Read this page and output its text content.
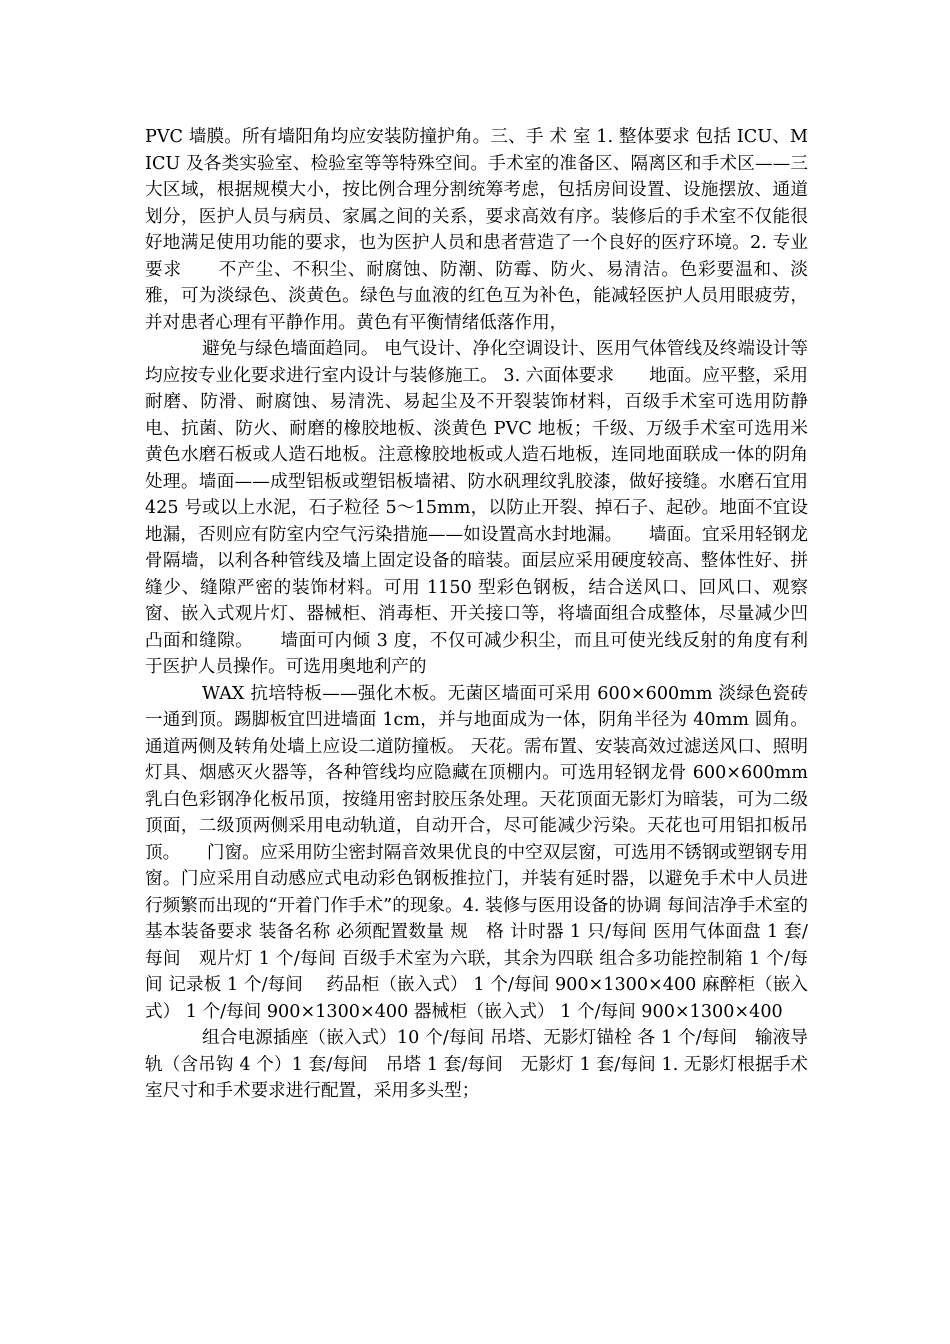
PVC 墙膜。所有墙阳角均应安装防撞护角。三、手 术 室 1. 整体要求 包括 ICU、MICU 及各类实验室、检验室等等特殊空间。手术室的准备区、隔离区和手术区——三大区域，根据规模大小，按比例合理分割统筹考虑，包括房间设置、设施摆放、通道划分，医护人员与病员、家属之间的关系，要求高效有序。装修后的手术室不仅能很好地满足使用功能的要求，也为医护人员和患者营造了一个良好的医疗环境。2. 专业要求　　不产尘、不积尘、耐腐蚀、防潮、防霉、防火、易清洁。色彩要温和、淡雅，可为淡绿色、淡黄色。绿色与血液的红色互为补色，能减轻医护人员用眼疲劳，并对患者心理有平静作用。黄色有平衡情绪低落作用，

避免与绿色墙面趋同。 电气设计、净化空调设计、医用气体管线及终端设计等均应按专业化要求进行室内设计与装修施工。 3. 六面体要求　　地面。应平整，采用耐磨、防滑、耐腐蚀、易清洗、易起尘及不开裂装饰材料，百级手术室可选用防静电、抗菌、防火、耐磨的橡胶地板、淡黄色 PVC 地板；千级、万级手术室可选用米黄色水磨石板或人造石地板。注意橡胶地板或人造石地板，连同地面联成一体的阴角处理。墙面——成型铝板或塑铝板墙裙、防水矾理纹乳胶漆，做好接缝。水磨石宜用 425 号或以上水泥，石子粒径 5～15mm，以防止开裂、掉石子、起砂。地面不宜设地漏，否则应有防室内空气污染措施——如设置高水封地漏。　　墙面。宜采用轻钢龙骨隔墙，以利各种管线及墙上固定设备的暗装。面层应采用硬度较高、整体性好、拼缝少、缝隙严密的装饰材料。可用 1150 型彩色钢板，结合送风口、回风口、观察窗、嵌入式观片灯、器械柜、消毒柜、开关接口等，将墙面组合成整体，尽量减少凹凸面和缝隙。　　墙面可内倾 3 度，不仅可减少积尘，而且可使光线反射的角度有利于医护人员操作。可选用奥地利产的

WAX 抗培特板——强化木板。无菌区墙面可采用 600×600mm 淡绿色瓷砖一通到顶。踢脚板宜凹进墙面 1cm，并与地面成为一体，阴角半径为 40mm 圆角。通道两侧及转角处墙上应设二道防撞板。 天花。需布置、安装高效过滤送风口、照明灯具、烟感灭火器等，各种管线均应隐藏在顶棚内。可选用轻钢龙骨 600×600mm 乳白色彩钢净化板吊顶，按缝用密封胶压条处理。天花顶面无影灯为暗装，可为二级顶面，二级顶两侧采用电动轨道，自动开合，尽可能减少污染。天花也可用铝扣板吊顶。　　门窗。应采用防尘密封隔音效果优良的中空双层窗，可选用不锈钢或塑钢专用窗。门应采用自动感应式电动彩色钢板推拉门，并装有延时器，以避免手术中人员进行频繁而出现的“开着门作手术”的现象。4. 装修与医用设备的协调 每间洁净手术室的基本装备要求 装备名称 必须配置数量 规　格 计时器 1 只/每间 医用气体面盘 1 套/每间　观片灯 1 个/每间 百级手术室为六联，其余为四联 组合多功能控制箱 1 个/每间 记录板 1 个/每间　 药品柜（嵌入式） 1 个/每间 900×1300×400 麻醉柜（嵌入式） 1 个/每间 900×1300×400 器械柜（嵌入式） 1 个/每间 900×1300×400

组合电源插座（嵌入式）10 个/每间 吊塔、无影灯锚栓 各 1 个/每间　输液导轨（含吊钩 4 个）1 套/每间　吊塔 1 套/每间　无影灯 1 套/每间 1. 无影灯根据手术室尺寸和手术要求进行配置，采用多头型；
